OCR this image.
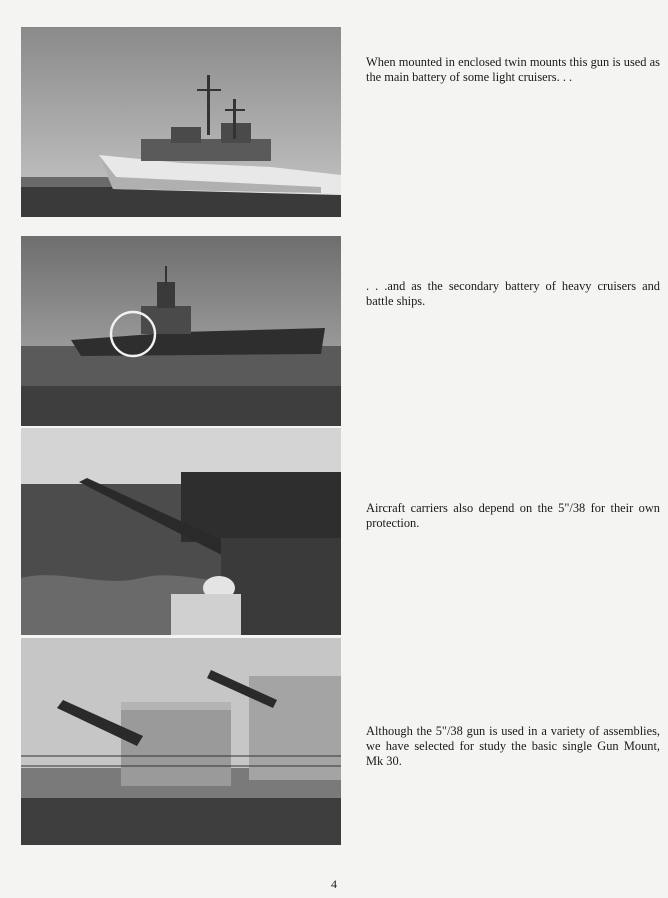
When mounted in enclosed twin mounts this gun is used as the main battery of some light cruisers. . .
. . .and as the secondary battery of heavy cruisers and battle ships.
Aircraft carriers also depend on the 5"/38 for their own protection.
Although the 5"/38 gun is used in a variety of assemblies, we have selected for study the basic single Gun Mount, Mk 30.
4
